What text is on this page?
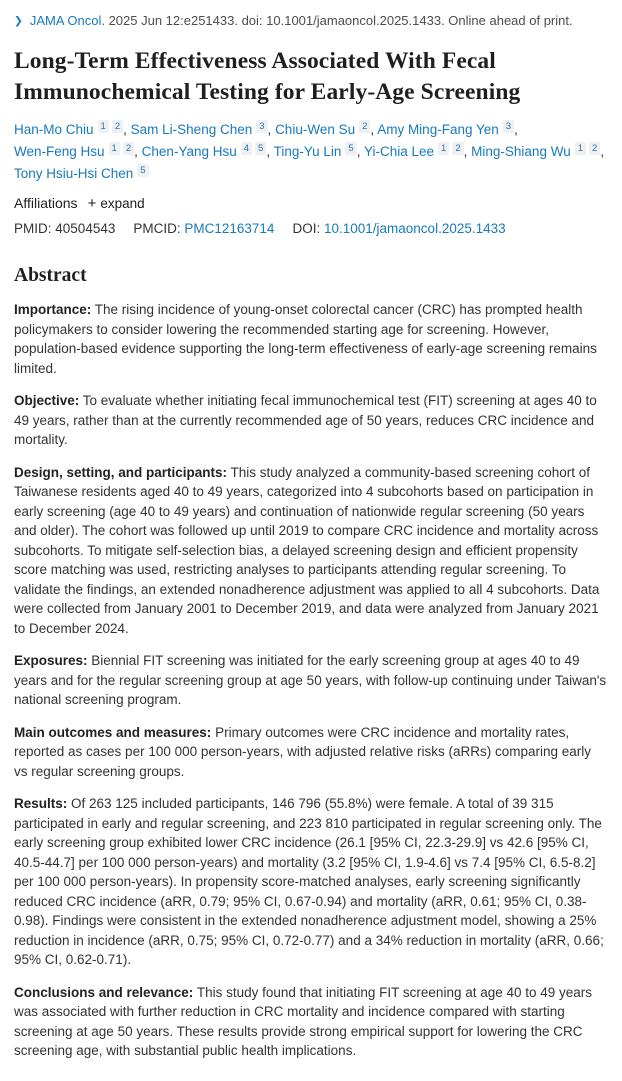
❯ JAMA Oncol. 2025 Jun 12:e251433. doi: 10.1001/jamaoncol.2025.1433. Online ahead of print.
Long-Term Effectiveness Associated With Fecal Immunochemical Testing for Early-Age Screening
Han-Mo Chiu $^1$ $^2$ , Sam Li-Sheng Chen $^3$ , Chiu-Wen Su $^2$ , Amy Ming-Fang Yen $^3$ , Wen-Feng Hsu $^1$ $^2$ , Chen-Yang Hsu $^4$ $^5$ , Ting-Yu Lin $^5$ , Yi-Chia Lee $^1$ $^2$ , Ming-Shiang Wu $^1$ $^2$ , Tony Hsiu-Hsi Chen $^5$
Affiliations + expand
PMID: 40504543 PMCID: PMC12163714 DOI: 10.1001/jamaoncol.2025.1433
Abstract

Importance: The rising incidence of young-onset colorectal cancer (CRC) has prompted health policymakers to consider lowering the recommended starting age for screening. However, population-based evidence supporting the long-term effectiveness of early-age screening remains limited.

Objective: To evaluate whether initiating fecal immunochemical test (FIT) screening at ages 40 to 49 years, rather than at the currently recommended age of 50 years, reduces CRC incidence and mortality.

Design, setting, and participants: This study analyzed a community-based screening cohort of Taiwanese residents aged 40 to 49 years, categorized into 4 subcohorts based on participation in early screening (age 40 to 49 years) and continuation of nationwide regular screening (50 years and older). The cohort was followed up until 2019 to compare CRC incidence and mortality across subcohorts. To mitigate self-selection bias, a delayed screening design and efficient propensity score matching was used, restricting analyses to participants attending regular screening. To validate the findings, an extended nonadherence adjustment was applied to all 4 subcohorts. Data were collected from January 2001 to December 2019, and data were analyzed from January 2021 to December 2024.

Exposures: Biennial FIT screening was initiated for the early screening group at ages 40 to 49 years and for the regular screening group at age 50 years, with follow-up continuing under Taiwan's national screening program.

Main outcomes and measures: Primary outcomes were CRC incidence and mortality rates, reported as cases per 100 000 person-years, with adjusted relative risks (aRRs) comparing early vs regular screening groups.

Results: Of 263 125 included participants, 146 796 (55.8%) were female. A total of 39 315 participated in early and regular screening, and 223 810 participated in regular screening only. The early screening group exhibited lower CRC incidence (26.1 [95% CI, 22.3-29.9] vs 42.6 [95% CI, 40.5-44.7] per 100 000 person-years) and mortality (3.2 [95% CI, 1.9-4.6] vs 7.4 [95% CI, 6.5-8.2] per 100 000 person-years). In propensity score-matched analyses, early screening significantly reduced CRC incidence (aRR, 0.79; 95% CI, 0.67-0.94) and mortality (aRR, 0.61; 95% CI, 0.38-0.98). Findings were consistent in the extended nonadherence adjustment model, showing a 25% reduction in incidence (aRR, 0.75; 95% CI, 0.72-0.77) and a 34% reduction in mortality (aRR, 0.66; 95% CI, 0.62-0.71).

Conclusions and relevance: This study found that initiating FIT screening at age 40 to 49 years was associated with further reduction in CRC mortality and incidence compared with starting screening at age 50 years. These results provide strong empirical support for lowering the CRC screening age, with substantial public health implications.
